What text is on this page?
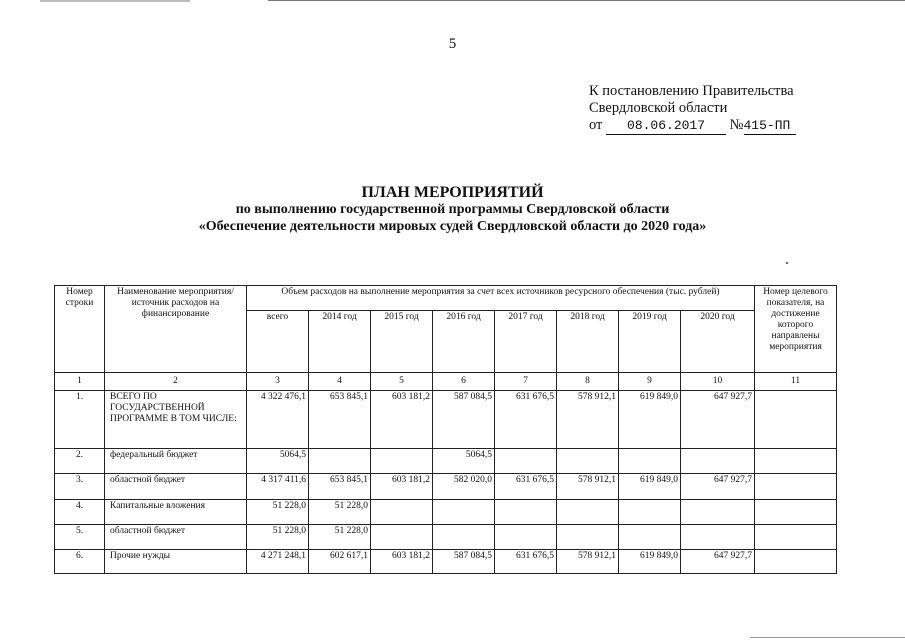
5
К постановлению Правительства
Свердловской области
от 08.06.2017 №415-ПП
ПЛАН МЕРОПРИЯТИЙ
по выполнению государственной программы Свердловской области
«Обеспечение деятельности мировых судей Свердловской области до 2020 года»
Номер строки	Наименование мероприятия/ источник расходов на финансирование	Объем расходов на выполнение мероприятия за счет всех источников ресурсного обеспечения (тыс. рублей)								Номер целевого показателя, на достижение которого направлены мероприятия
		всего	2014 год	2015 год	2016 год	2017 год	2018 год	2019 год	2020 год	
1	2	3	4	5	6	7	8	9	10	11
1.	ВСЕГО ПО ГОСУДАРСТВЕННОЙ ПРОГРАММЕ В ТОМ ЧИСЛЕ:	4 322 476,1	653 845,1	603 181,2	587 084,5	631 676,5	578 912,1	619 849,0	647 927,7	
2.	федеральный бюджет	5064,5			5064,5					
3.	областной бюджет	4 317 411,6	653 845,1	603 181,2	582 020,0	631 676,5	578 912,1	619 849,0	647 927,7	
4.	Капитальные вложения	51 228,0	51 228,0							
5.	областной бюджет	51 228,0	51 228,0							
6.	Прочие нужды	4 271 248,1	602 617,1	603 181,2	587 084,5	631 676,5	578 912,1	619 849,0	647 927,7	
